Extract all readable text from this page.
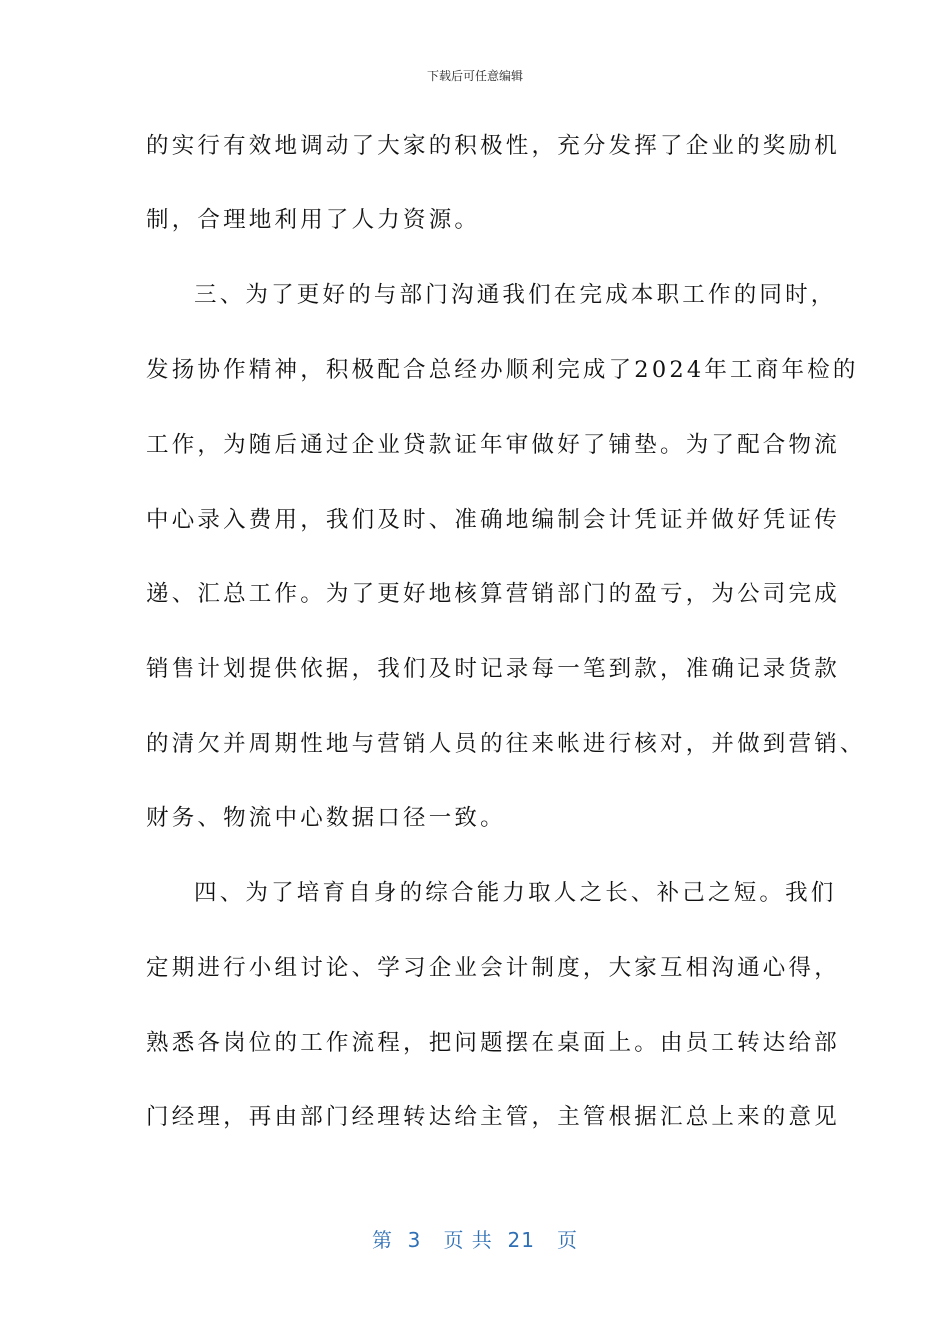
下载后可任意编辑
的实行有效地调动了大家的积极性，充分发挥了企业的奖励机
制，合理地利用了人力资源。
三、为了更好的与部门沟通我们在完成本职工作的同时，
发扬协作精神，积极配合总经办顺利完成了2024年工商年检的
工作，为随后通过企业贷款证年审做好了铺垫。为了配合物流
中心录入费用，我们及时、准确地编制会计凭证并做好凭证传
递、汇总工作。为了更好地核算营销部门的盈亏，为公司完成
销售计划提供依据，我们及时记录每一笔到款，准确记录货款
的清欠并周期性地与营销人员的往来帐进行核对，并做到营销、
财务、物流中心数据口径一致。
四、为了培育自身的综合能力取人之长、补己之短。我们
定期进行小组讨论、学习企业会计制度，大家互相沟通心得，
熟悉各岗位的工作流程，把问题摆在桌面上。由员工转达给部
门经理，再由部门经理转达给主管，主管根据汇总上来的意见
第  3   页 共  21   页
